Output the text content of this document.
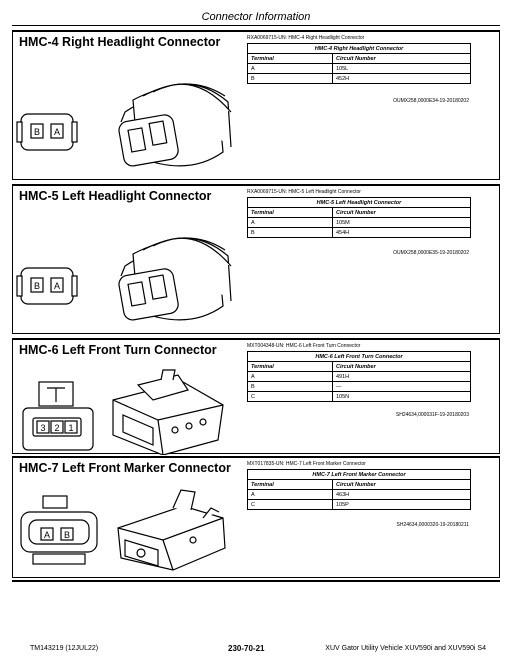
Connector Information
HMC-4 Right Headlight Connector
B A
RXA0069715-UN: HMC-4 Right Headlight Connector
HMC-4 Right Headlight Connector	
Terminal	Circuit Number
A	105L
B	452H
OUMX258,0000E34-19-20180202
HMC-5 Left Headlight Connector
B A
RXA0069715-UN: HMC-5 Left Headlight Connector
HMC-5 Left Headlight Connector	
Terminal	Circuit Number
A	105M
B	454H
OUMX258,0000E35-19-20180202
HMC-6 Left Front Turn Connector
3 2 1
MXT004348-UN: HMC-6 Left Front Turn Connector
HMC-6 Left Front Turn Connector	
Terminal	Circuit Number
A	491H
B	—
C	105N
SH24634,000031F-19-20180203
HMC-7 Left Front Marker Connector
A B
MXT017835-UN: HMC-7 Left Front Marker Connector
HMC-7 Left Front Marker Connector	
Terminal	Circuit Number
A	463H
C	105P
SH24634,0000320-19-20180211
TM143219 (12JUL22)	230-70-21	XUV Gator Utility Vehicle XUV590i and XUV590i S4
